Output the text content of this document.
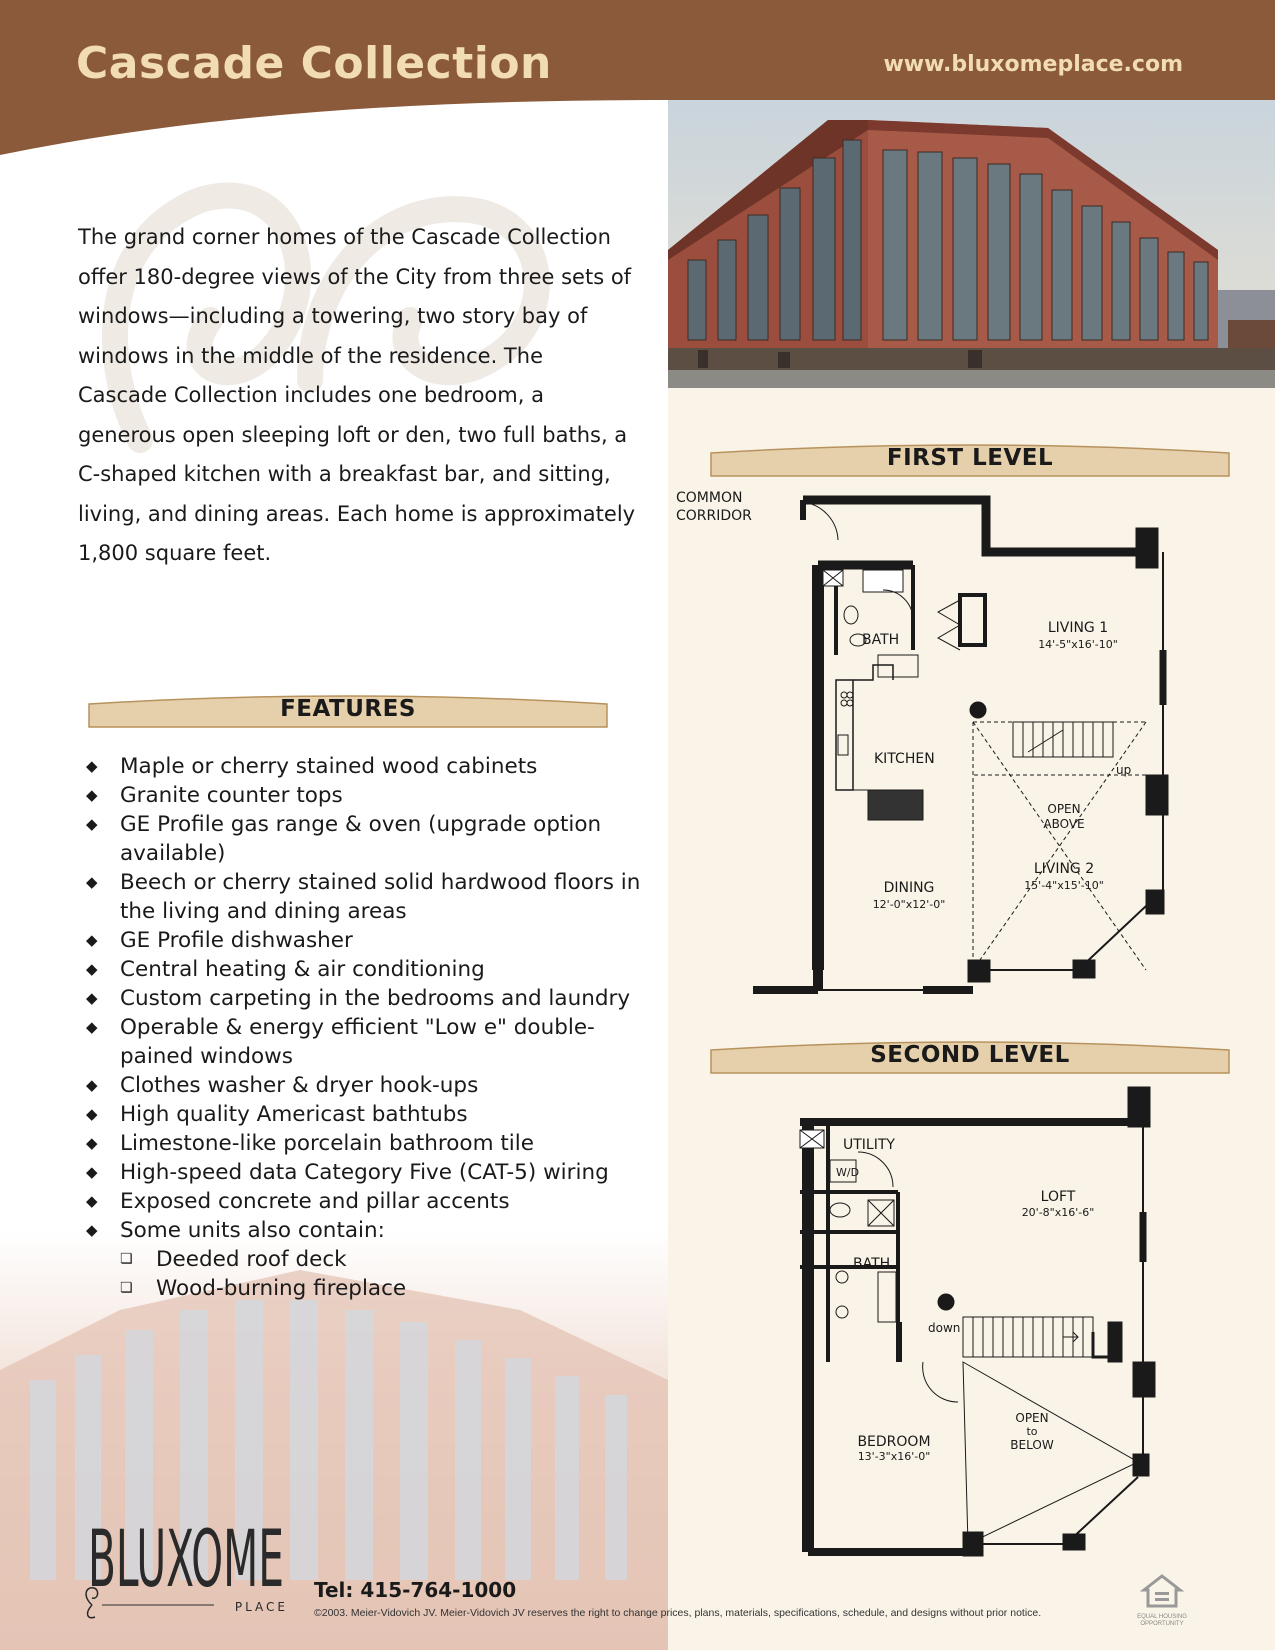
Cascade Collection	www.bluxomeplace.com
The grand corner homes of the Cascade Collection offer 180-degree views of the City from three sets of windows—including a towering, two story bay of windows in the middle of the residence. The Cascade Collection includes one bedroom, a generous open sleeping loft or den, two full baths, a C-shaped kitchen with a breakfast bar, and sitting, living, and dining areas. Each home is approximately 1,800 square feet.
FEATURES
◆ Maple or cherry stained wood cabinets
◆ Granite counter tops
◆ GE Profile gas range & oven (upgrade option available)
◆ Beech or cherry stained solid hardwood floors in the living and dining areas
◆ GE Profile dishwasher
◆ Central heating & air conditioning
◆ Custom carpeting in the bedrooms and laundry
◆ Operable & energy efficient "Low e" double-pained windows
◆ Clothes washer & dryer hook-ups
◆ High quality Americast bathtubs
◆ Limestone-like porcelain bathroom tile
◆ High-speed data Category Five (CAT-5) wiring
◆ Exposed concrete and pillar accents
◆ Some units also contain:
❏ Deeded roof deck
❏ Wood-burning fireplace
FIRST LEVEL
COMMON
CORRIDOR
BATH
KITCHEN
LIVING 1
14'-5"x16'-10"
up
OPEN
ABOVE
LIVING 2
15'-4"x15'-10"
DINING
12'-0"x12'-0"
SECOND LEVEL
UTILITY
W/D
LOFT
20'-8"x16'-6"
BATH
down
OPEN
to
BELOW
BEDROOM
13'-3"x16'-0"
BLUXOME
PLACE
Tel: 415-764-1000
©2003. Meier-Vidovich JV. Meier-Vidovich JV reserves the right to change prices, plans, materials, specifications, schedule, and designs without prior notice.	EQUAL HOUSING
OPPORTUNITY
